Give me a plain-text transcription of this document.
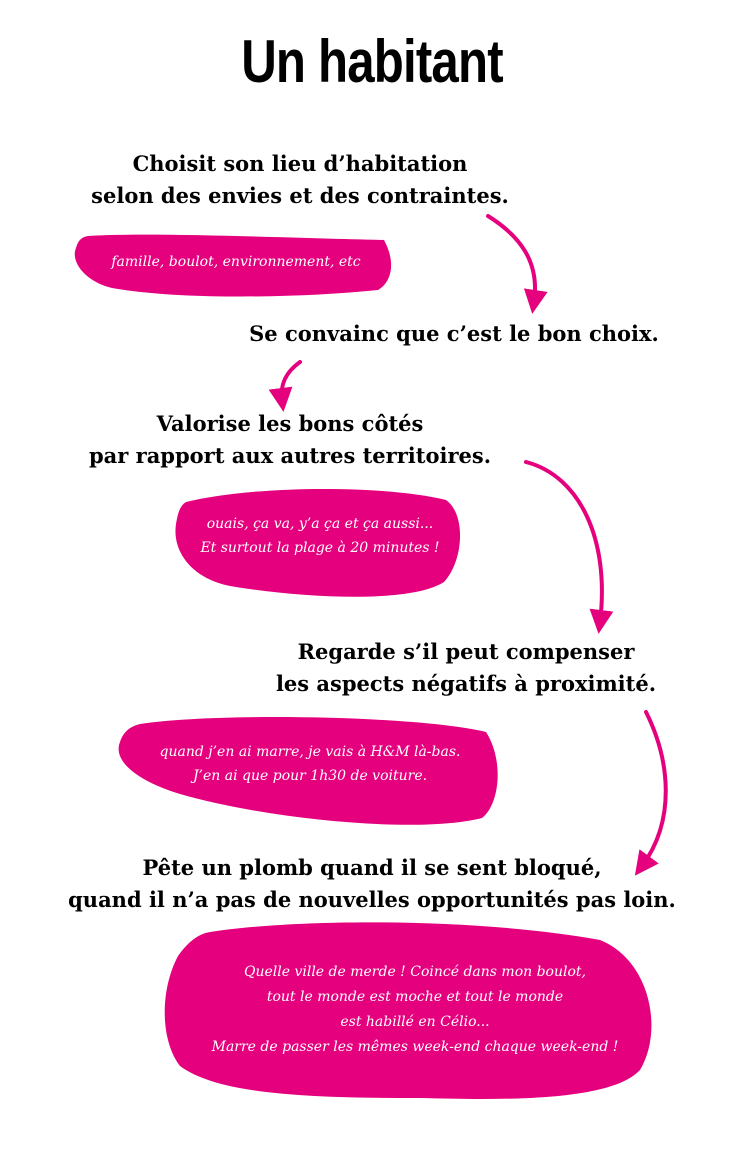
Un habitant
Choisit son lieu d’habitation
selon des envies et des contraintes.
famille, boulot, environnement, etc
Se convainc que c’est le bon choix.
Valorise les bons côtés
par rapport aux autres territoires.
ouais, ça va, y’a ça et ça aussi...
Et surtout la plage à 20 minutes !
Regarde s’il peut compenser
les aspects négatifs à proximité.
quand j’en ai marre, je vais à H&M là-bas.
J’en ai que pour 1h30 de voiture.
Pête un plomb quand il se sent bloqué,
quand il n’a pas de nouvelles opportunités pas loin.
Quelle ville de merde ! Coincé dans mon boulot,
tout le monde est moche et tout le monde
est habillé en Célio...
Marre de passer les mêmes week-end chaque week-end !
